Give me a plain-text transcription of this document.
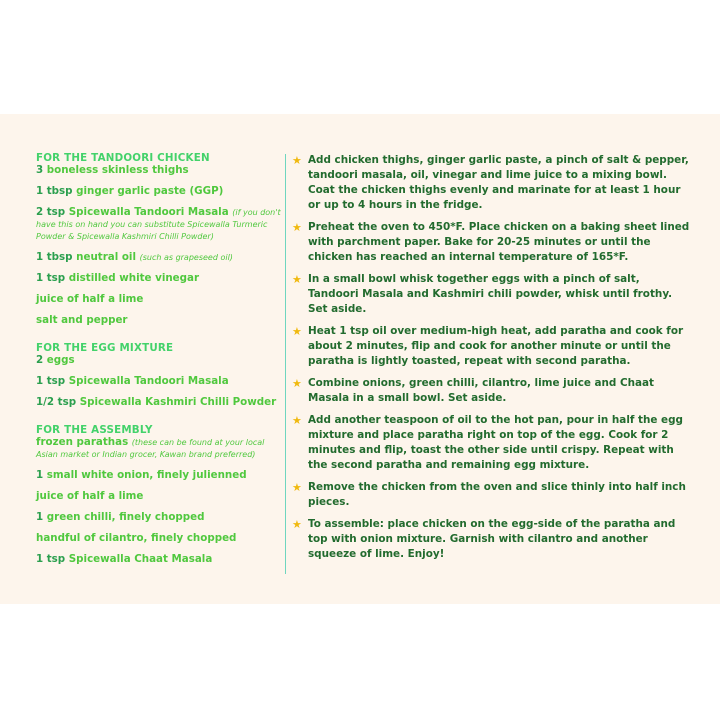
FOR THE TANDOORI CHICKEN
3 boneless skinless thighs
1 tbsp ginger garlic paste (GGP)
2 tsp Spicewalla Tandoori Masala (if you don't have this on hand you can substitute Spicewalla Turmeric Powder & Spicewalla Kashmiri Chilli Powder)
1 tbsp neutral oil (such as grapeseed oil)
1 tsp distilled white vinegar
juice of half a lime
salt and pepper
FOR THE EGG MIXTURE
2 eggs
1 tsp Spicewalla Tandoori Masala
1/2 tsp Spicewalla Kashmiri Chilli Powder
FOR THE ASSEMBLY
frozen parathas (these can be found at your local Asian market or Indian grocer, Kawan brand preferred)
1 small white onion, finely julienned
juice of half a lime
1 green chilli, finely chopped
handful of cilantro, finely chopped
1 tsp Spicewalla Chaat Masala
★ Add chicken thighs, ginger garlic paste, a pinch of salt & pepper, tandoori masala, oil, vinegar and lime juice to a mixing bowl. Coat the chicken thighs evenly and marinate for at least 1 hour or up to 4 hours in the fridge.
★ Preheat the oven to 450*F. Place chicken on a baking sheet lined with parchment paper. Bake for 20-25 minutes or until the chicken has reached an internal temperature of 165*F.
★ In a small bowl whisk together eggs with a pinch of salt, Tandoori Masala and Kashmiri chili powder, whisk until frothy. Set aside.
★ Heat 1 tsp oil over medium-high heat, add paratha and cook for about 2 minutes, flip and cook for another minute or until the paratha is lightly toasted, repeat with second paratha.
★ Combine onions, green chilli, cilantro, lime juice and Chaat Masala in a small bowl. Set aside.
★ Add another teaspoon of oil to the hot pan, pour in half the egg mixture and place paratha right on top of the egg. Cook for 2 minutes and flip, toast the other side until crispy. Repeat with the second paratha and remaining egg mixture.
★ Remove the chicken from the oven and slice thinly into half inch pieces.
★ To assemble: place chicken on the egg-side of the paratha and top with onion mixture. Garnish with cilantro and another squeeze of lime. Enjoy!
